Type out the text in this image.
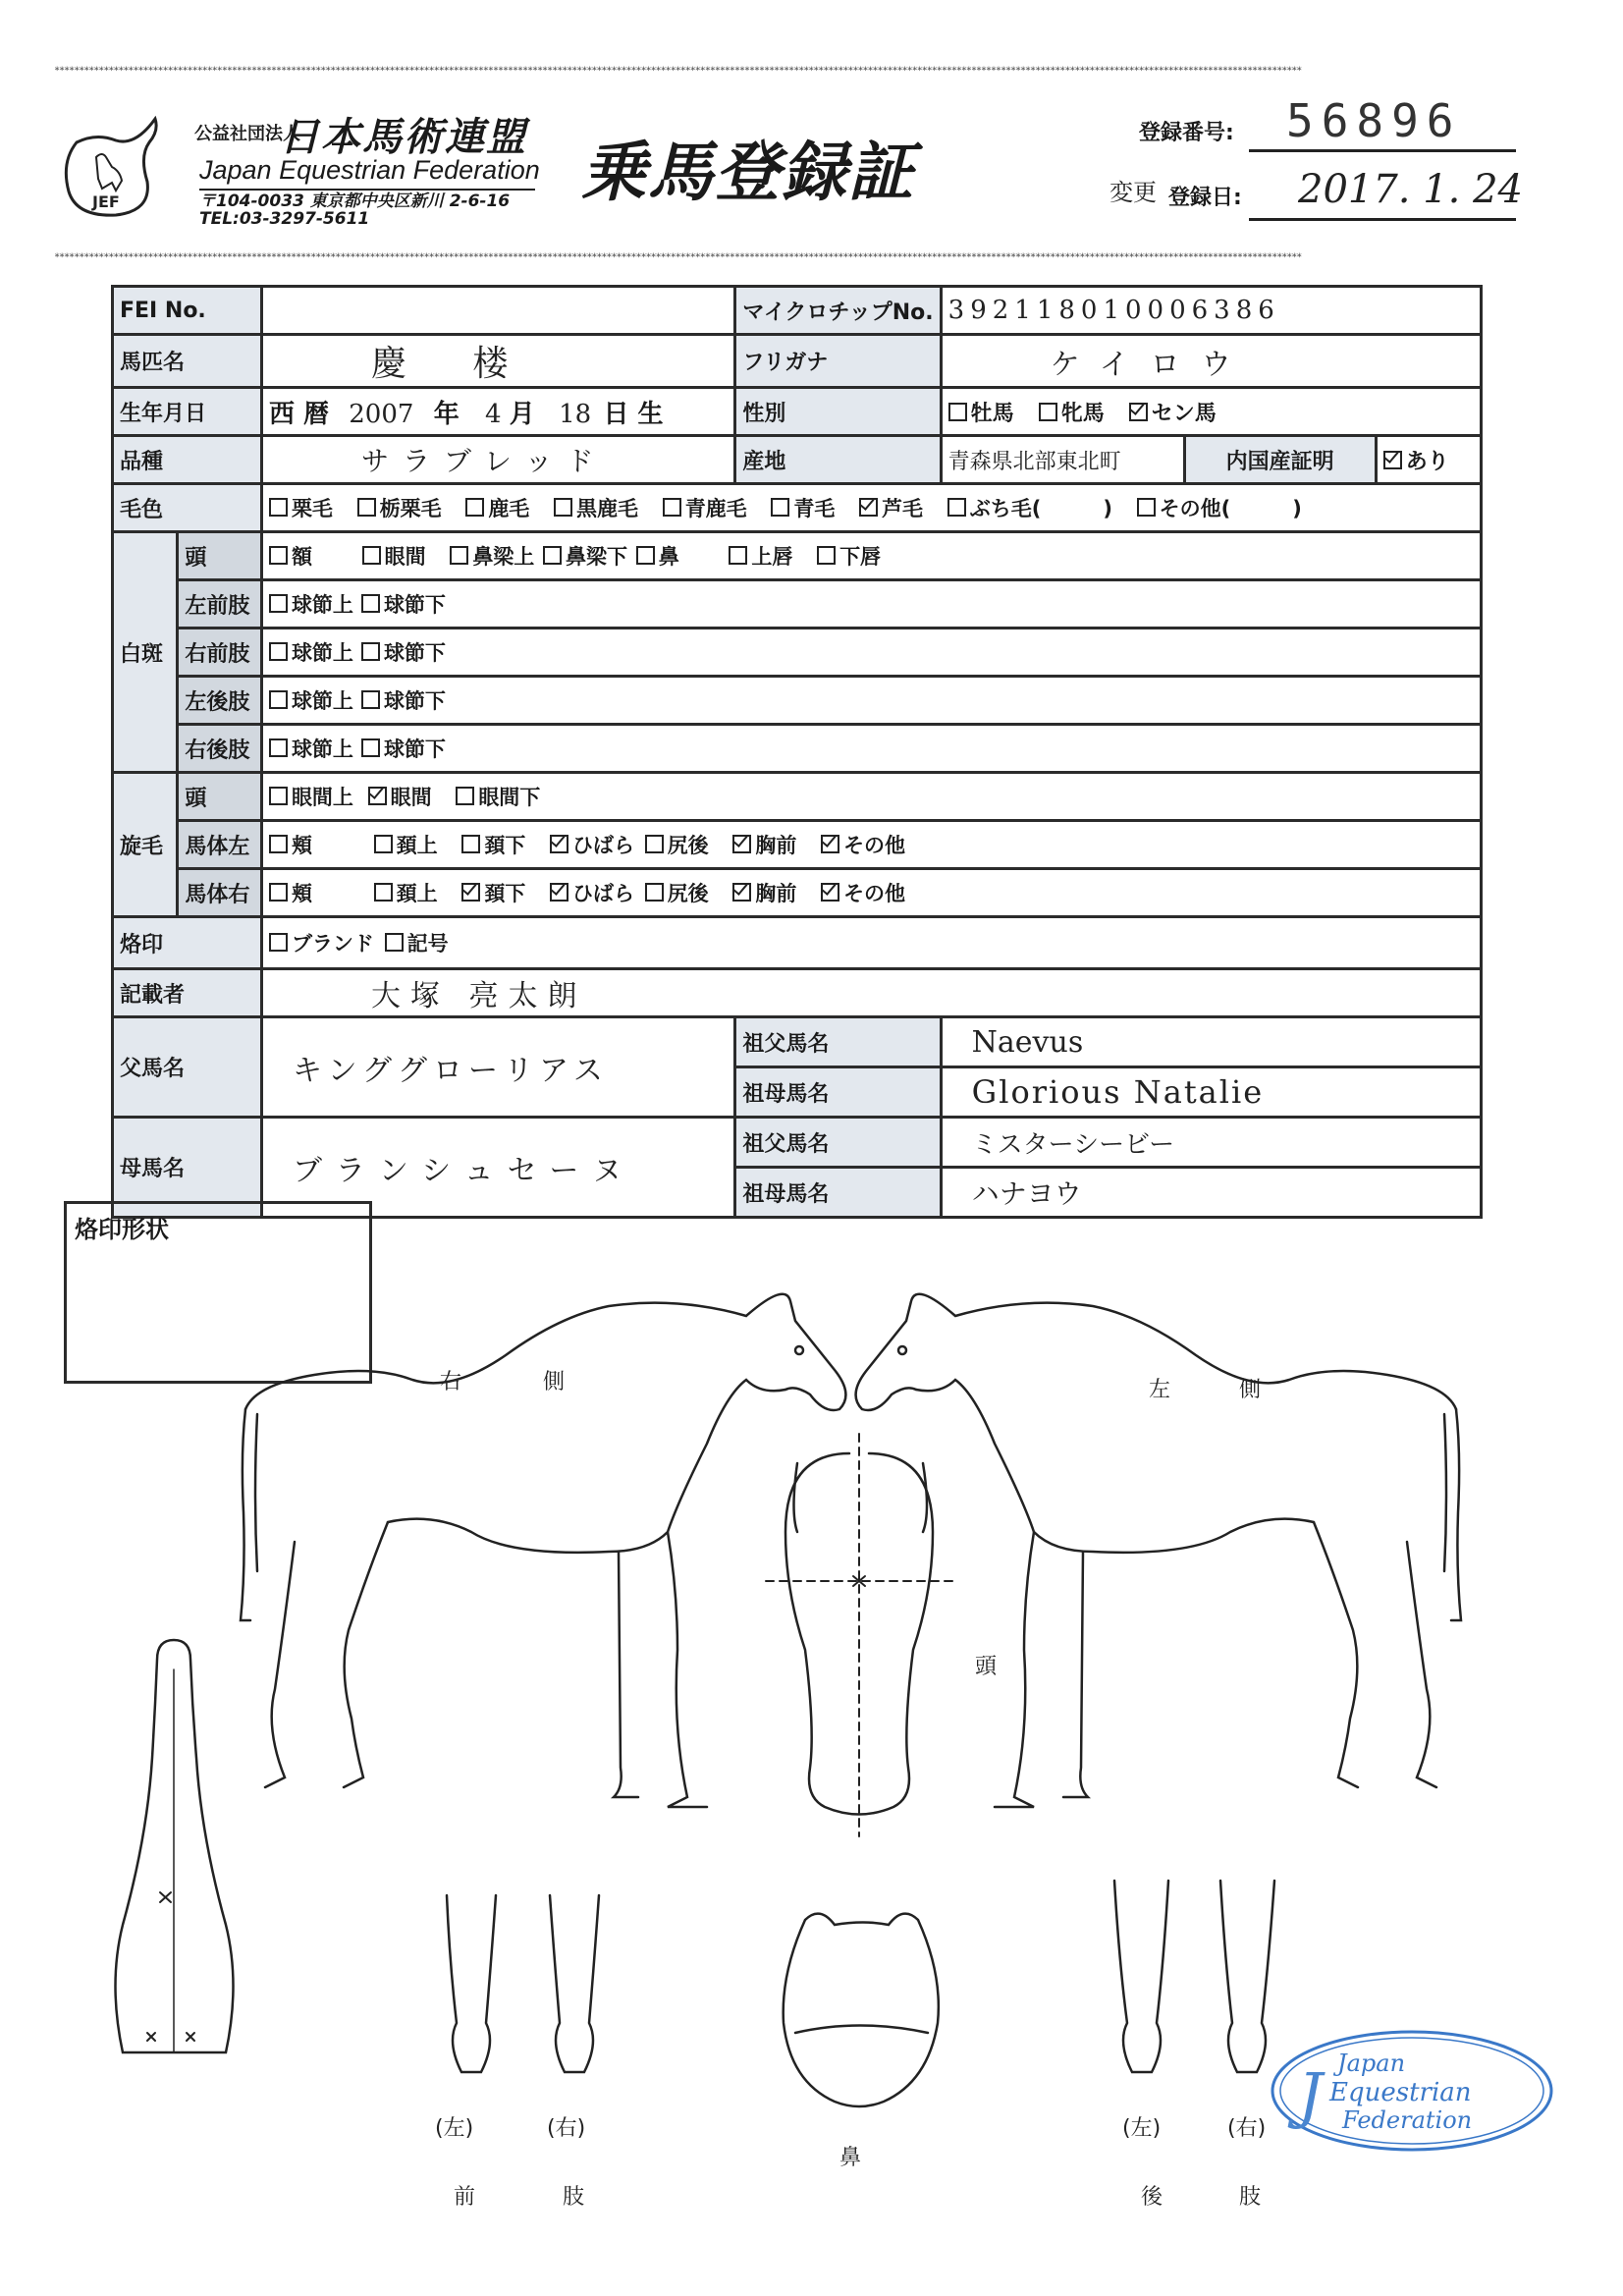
∗∗∗∗∗∗∗∗∗∗∗∗∗∗∗∗∗∗∗∗∗∗∗∗∗∗∗∗∗∗∗∗∗∗∗∗∗∗∗∗∗∗∗∗∗∗∗∗∗∗∗∗∗∗∗∗∗∗∗∗∗∗∗∗∗∗∗∗∗∗∗∗∗∗∗∗∗∗∗∗∗∗∗∗∗∗∗∗∗∗∗∗∗∗∗∗∗∗∗∗∗∗∗∗∗∗∗∗∗∗∗∗∗∗∗∗∗∗∗∗∗∗∗∗∗∗∗∗∗∗∗∗∗∗∗∗∗∗∗∗∗∗∗∗∗∗∗∗∗∗∗∗∗∗∗∗∗∗∗∗∗∗∗∗∗∗∗∗∗∗∗∗∗∗∗∗∗∗∗∗∗∗∗∗∗∗∗∗∗∗∗∗∗∗∗∗∗∗∗∗∗∗∗∗∗∗∗∗∗∗∗∗∗∗∗∗∗∗∗∗∗∗∗∗∗∗∗∗∗∗∗∗∗∗∗∗∗∗∗∗∗∗∗∗∗∗∗∗∗∗∗∗∗
∗∗∗∗∗∗∗∗∗∗∗∗∗∗∗∗∗∗∗∗∗∗∗∗∗∗∗∗∗∗∗∗∗∗∗∗∗∗∗∗∗∗∗∗∗∗∗∗∗∗∗∗∗∗∗∗∗∗∗∗∗∗∗∗∗∗∗∗∗∗∗∗∗∗∗∗∗∗∗∗∗∗∗∗∗∗∗∗∗∗∗∗∗∗∗∗∗∗∗∗∗∗∗∗∗∗∗∗∗∗∗∗∗∗∗∗∗∗∗∗∗∗∗∗∗∗∗∗∗∗∗∗∗∗∗∗∗∗∗∗∗∗∗∗∗∗∗∗∗∗∗∗∗∗∗∗∗∗∗∗∗∗∗∗∗∗∗∗∗∗∗∗∗∗∗∗∗∗∗∗∗∗∗∗∗∗∗∗∗∗∗∗∗∗∗∗∗∗∗∗∗∗∗∗∗∗∗∗∗∗∗∗∗∗∗∗∗∗∗∗∗∗∗∗∗∗∗∗∗∗∗∗∗∗∗∗∗∗∗∗∗∗∗∗∗∗∗∗∗∗∗∗∗
JEF
公益社団法人
日本馬術連盟
Japan Equestrian Federation
〒104-0033 東京都中央区新川 2-6-16
TEL:03-3297-5611
乗馬登録証
登録番号: 56896
変更 登録日: 2017. 1. 24
FEI No.			マイクロチップNo.	392118010006386		
馬匹名		慶 楼	フリガナ	ケイロウ		
生年月日		西 暦 2007 年 4 月 18 日 生	性別	牡馬 牝馬 セン馬		
品種		サラブレッド	産地	青森県北部東北町	内国産証明	あり
毛色		栗毛 栃栗毛 鹿毛 黒鹿毛 青鹿毛 青毛 芦毛 ぶち毛(　　　) その他(　　　)				
白斑	頭	額 眼間 鼻梁上 鼻梁下 鼻 上唇 下唇				
	左前肢	球節上 球節下				
	右前肢	球節上 球節下				
	左後肢	球節上 球節下				
	右後肢	球節上 球節下				
旋毛	頭	眼間上 眼間 眼間下				
	馬体左	頬 頚上 頚下 ひばら 尻後 胸前 その他				
	馬体右	頬 頚上 頚下 ひばら 尻後 胸前 その他				
烙印		ブランド 記号				
記載者		大塚 亮太朗				
父馬名		キンググローリアス	祖父馬名	Naevus		
			祖母馬名	Glorious Natalie		
母馬名		ブランシュセーヌ	祖父馬名	ミスターシービー		
			祖母馬名	ハナヨウ		
烙印形状
右	側	左	側
頭
鼻
(左)	(右)
前	肢
(左)	(右)
後	肢
J Japan
Equestrian
Federation
